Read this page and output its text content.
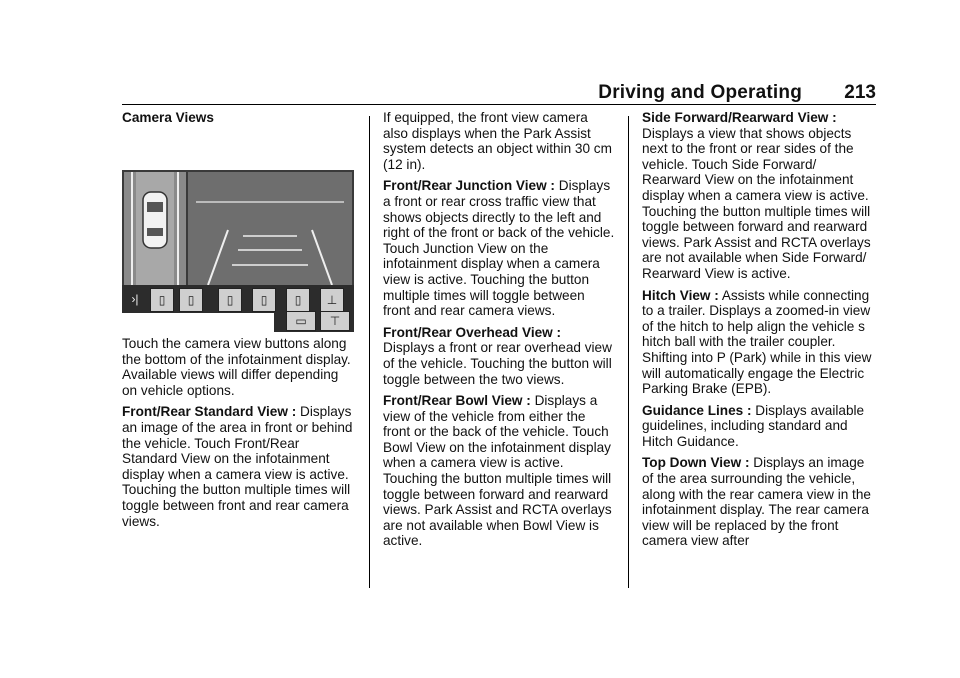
Driving and Operating 213

Camera Views

›|	▯ ▯	▯ ▯ ▯ ⊥
▭ ⊤

Touch the camera view buttons along the bottom of the infotainment display. Available views will differ depending on vehicle options.

Front/Rear Standard View : Displays an image of the area in front or behind the vehicle. Touch Front/Rear Standard View on the infotainment display when a camera view is active. Touching the button multiple times will toggle between front and rear camera views.

If equipped, the front view camera also displays when the Park Assist system detects an object within 30 cm (12 in).

Front/Rear Junction View : Displays a front or rear cross traffic view that shows objects directly to the left and right of the front or back of the vehicle. Touch Junction View on the infotainment display when a camera view is active. Touching the button multiple times will toggle between front and rear camera views.

Front/Rear Overhead View : Displays a front or rear overhead view of the vehicle. Touching the button will toggle between the two views.

Front/Rear Bowl View : Displays a view of the vehicle from either the front or the back of the vehicle. Touch Bowl View on the infotainment display when a camera view is active. Touching the button multiple times will toggle between forward and rearward views. Park Assist and RCTA overlays are not available when Bowl View is active.

Side Forward/Rearward View : Displays a view that shows objects next to the front or rear sides of the vehicle. Touch Side Forward/ Rearward View on the infotainment display when a camera view is active. Touching the button multiple times will toggle between forward and rearward views. Park Assist and RCTA overlays are not available when Side Forward/ Rearward View is active.

Hitch View : Assists while connecting to a trailer. Displays a zoomed-in view of the hitch to help align the vehicle s hitch ball with the trailer coupler. Shifting into P (Park) while in this view will automatically engage the Electric Parking Brake (EPB).

Guidance Lines : Displays available guidelines, including standard and Hitch Guidance.

Top Down View : Displays an image of the area surrounding the vehicle, along with the rear camera view in the infotainment display. The rear camera view will be replaced by the front camera view after
